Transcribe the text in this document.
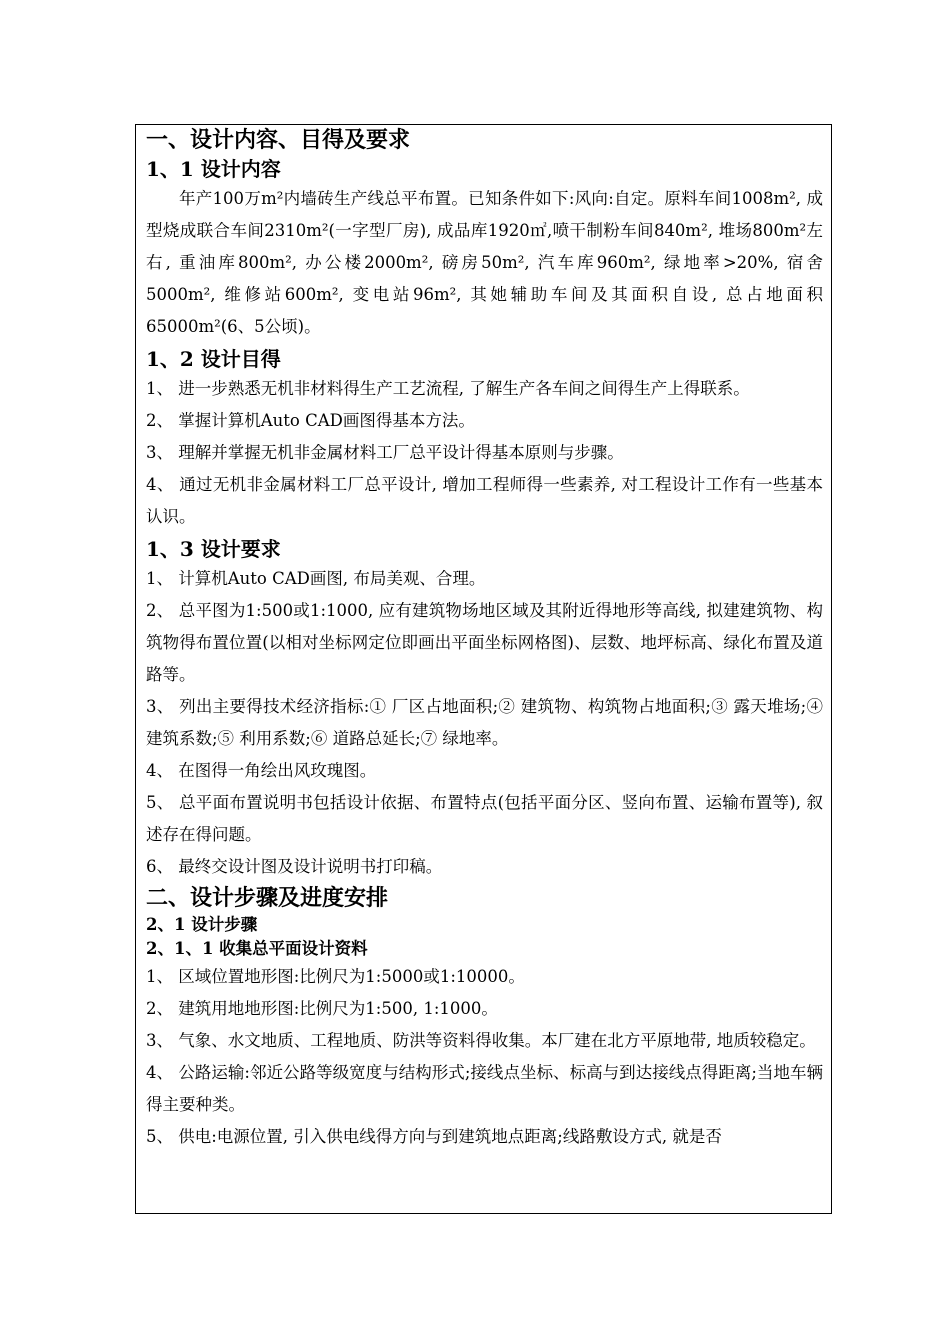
一、设计内容、目得及要求
1、1 设计内容

年产100万m²内墙砖生产线总平布置。已知条件如下:风向:自定。原料车间1008m², 成型烧成联合车间2310m²(一字型厂房), 成品库1920㎡,喷干制粉车间840m², 堆场800m²左右, 重油库800m², 办公楼2000m², 磅房50m², 汽车库960m², 绿地率>20%, 宿舍5000m², 维修站600m², 变电站96m², 其她辅助车间及其面积自设, 总占地面积65000m²(6、5公顷)。

1、2 设计目得

1、 进一步熟悉无机非材料得生产工艺流程, 了解生产各车间之间得生产上得联系。

2、 掌握计算机Auto CAD画图得基本方法。

3、 理解并掌握无机非金属材料工厂总平设计得基本原则与步骤。

4、 通过无机非金属材料工厂总平设计, 增加工程师得一些素养, 对工程设计工作有一些基本认识。

1、3 设计要求

1、 计算机Auto CAD画图, 布局美观、合理。

2、 总平图为1:500或1:1000, 应有建筑物场地区域及其附近得地形等高线, 拟建建筑物、构筑物得布置位置(以相对坐标网定位即画出平面坐标网格图)、层数、地坪标高、绿化布置及道路等。

3、 列出主要得技术经济指标:① 厂区占地面积;② 建筑物、构筑物占地面积;③ 露天堆场;④ 建筑系数;⑤ 利用系数;⑥ 道路总延长;⑦ 绿地率。

4、 在图得一角绘出风玫瑰图。

5、 总平面布置说明书包括设计依据、布置特点(包括平面分区、竖向布置、运输布置等), 叙述存在得问题。

6、 最终交设计图及设计说明书打印稿。

二、设计步骤及进度安排
2、1 设计步骤
2、1、1 收集总平面设计资料

1、 区域位置地形图:比例尺为1:5000或1:10000。

2、 建筑用地地形图:比例尺为1:500, 1:1000。

3、 气象、水文地质、工程地质、防洪等资料得收集。本厂建在北方平原地带, 地质较稳定。

4、 公路运输:邻近公路等级宽度与结构形式;接线点坐标、标高与到达接线点得距离;当地车辆得主要种类。

5、 供电:电源位置, 引入供电线得方向与到建筑地点距离;线路敷设方式, 就是否
